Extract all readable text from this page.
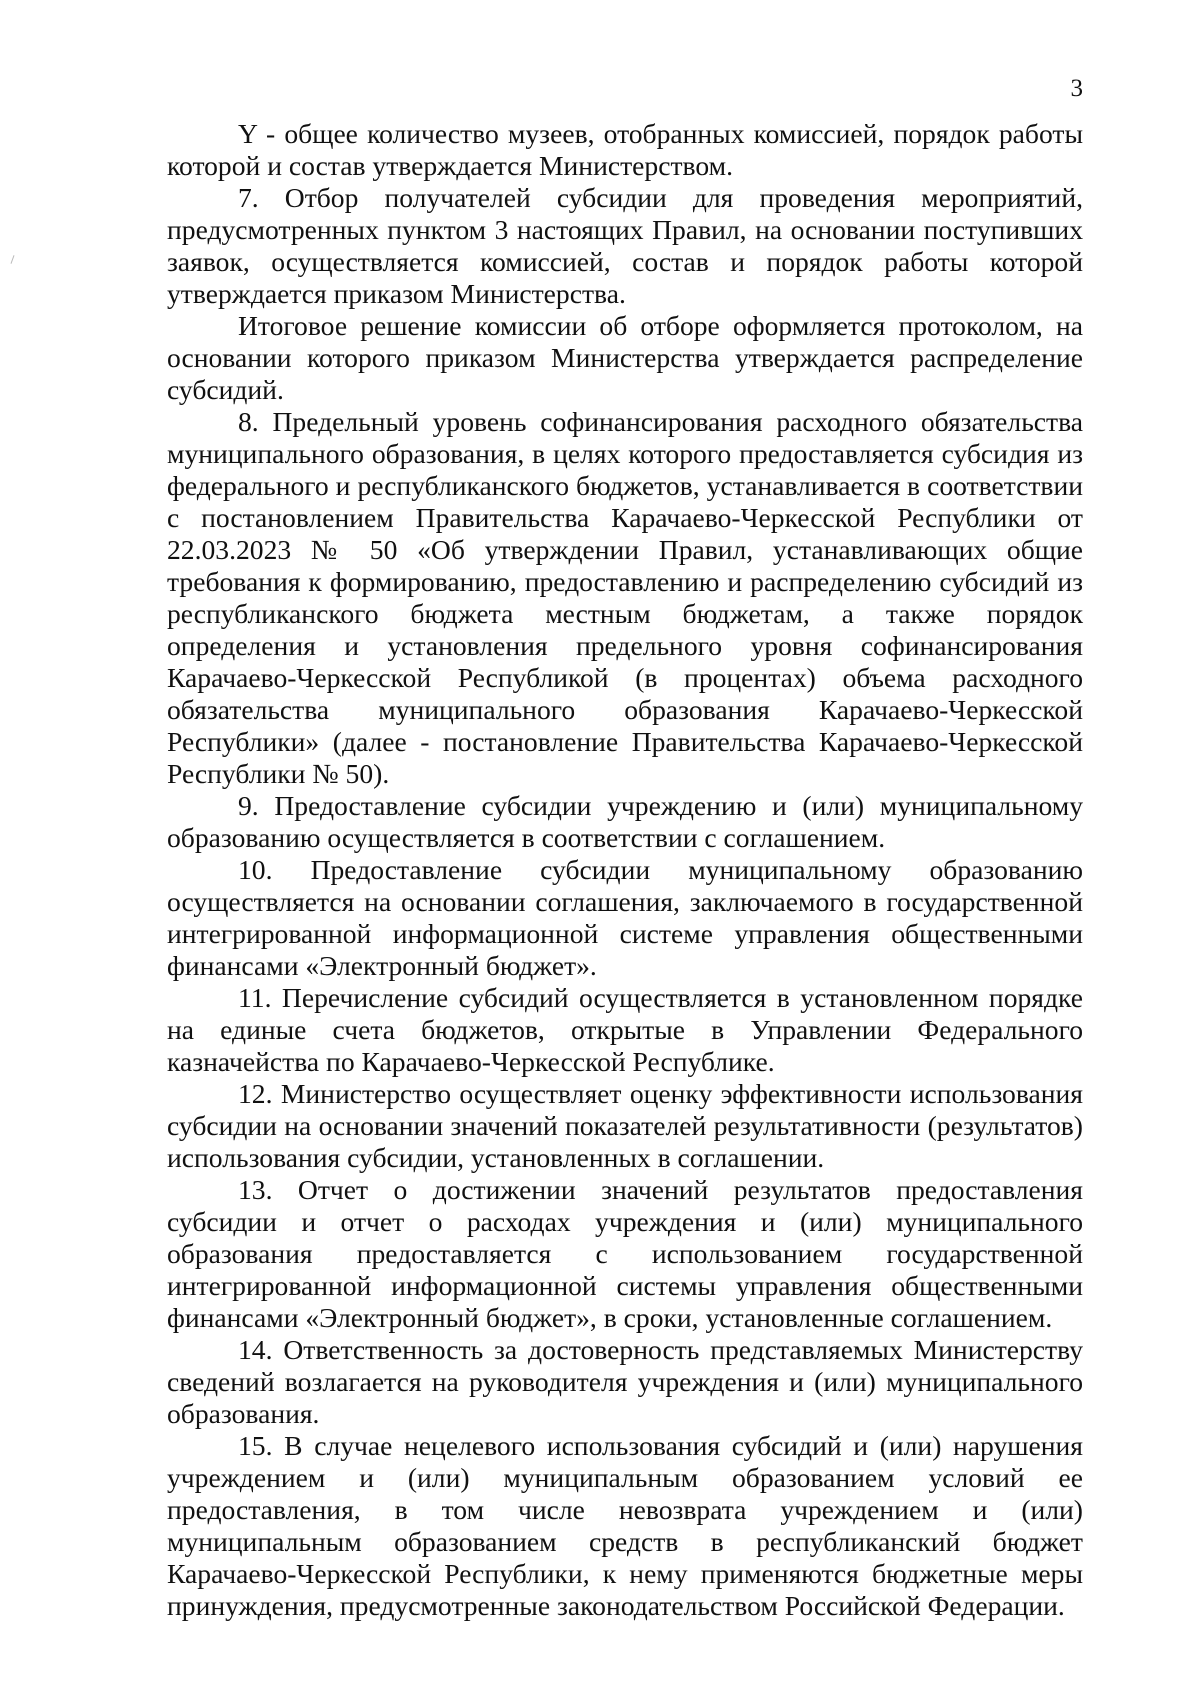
3

Y - общее количество музеев, отобранных комиссией, порядок работы которой и состав утверждается Министерством.

7. Отбор получателей субсидии для проведения мероприятий, предусмотренных пунктом 3 настоящих Правил, на основании поступивших заявок, осуществляется комиссией, состав и порядок работы которой утверждается приказом Министерства.

Итоговое решение комиссии об отборе оформляется протоколом, на основании которого приказом Министерства утверждается распределение субсидий.

8. Предельный уровень софинансирования расходного обязательства муниципального образования, в целях которого предоставляется субсидия из федерального и республиканского бюджетов, устанавливается в соответствии с постановлением Правительства Карачаево-Черкесской Республики от 22.03.2023 № 50 «Об утверждении Правил, устанавливающих общие требования к формированию, предоставлению и распределению субсидий из республиканского бюджета местным бюджетам, а также порядок определения и установления предельного уровня софинансирования Карачаево-Черкесской Республикой (в процентах) объема расходного обязательства муниципального образования Карачаево-Черкесской Республики» (далее - постановление Правительства Карачаево-Черкесской Республики № 50).

9. Предоставление субсидии учреждению и (или) муниципальному образованию осуществляется в соответствии с соглашением.

10. Предоставление субсидии муниципальному образованию осуществляется на основании соглашения, заключаемого в государственной интегрированной информационной системе управления общественными финансами «Электронный бюджет».

11. Перечисление субсидий осуществляется в установленном порядке на единые счета бюджетов, открытые в Управлении Федерального казначейства по Карачаево-Черкесской Республике.

12. Министерство осуществляет оценку эффективности использования субсидии на основании значений показателей результативности (результатов) использования субсидии, установленных в соглашении.

13. Отчет о достижении значений результатов предоставления субсидии и отчет о расходах учреждения и (или) муниципального образования предоставляется с использованием государственной интегрированной информационной системы управления общественными финансами «Электронный бюджет», в сроки, установленные соглашением.

14. Ответственность за достоверность представляемых Министерству сведений возлагается на руководителя учреждения и (или) муниципального образования.

15. В случае нецелевого использования субсидий и (или) нарушения учреждением и (или) муниципальным образованием условий ее предоставления, в том числе невозврата учреждением и (или) муниципальным образованием средств в республиканский бюджет Карачаево-Черкесской Республики, к нему применяются бюджетные меры принуждения, предусмотренные законодательством Российской Федерации.
